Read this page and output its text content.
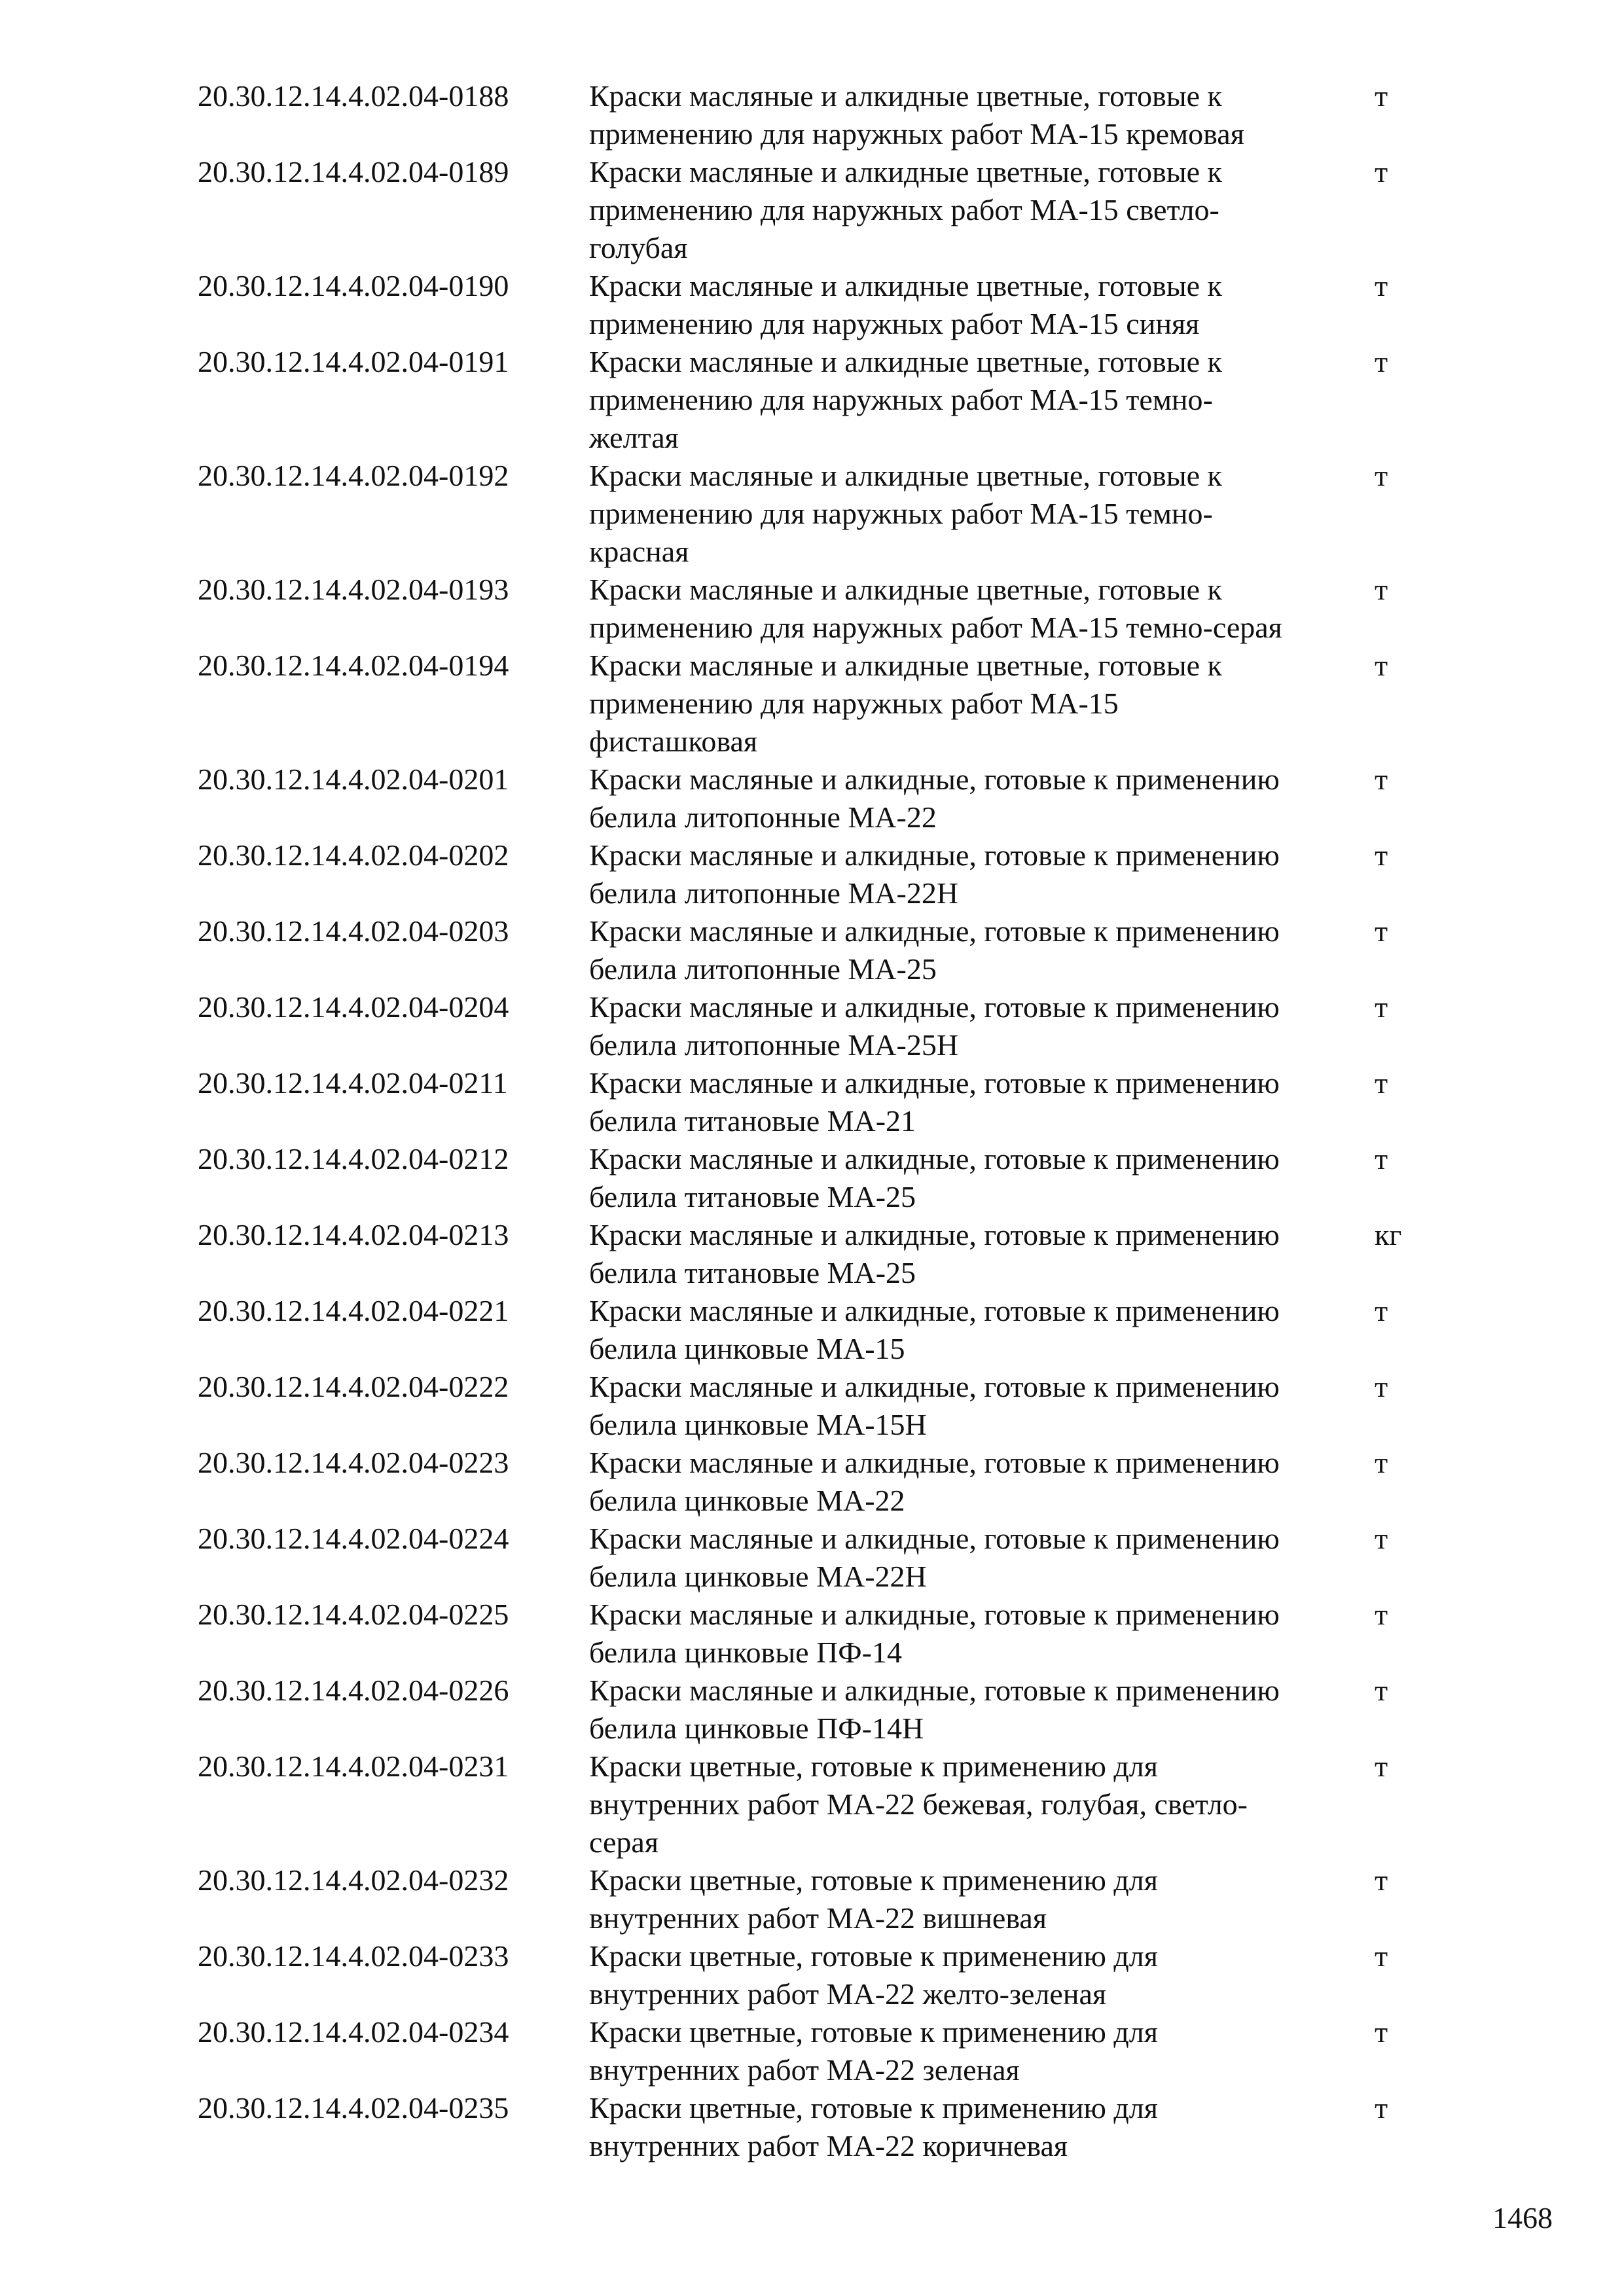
20.30.12.14.4.02.04-0188	Краски масляные и алкидные цветные, готовые к
применению для наружных работ МА-15 кремовая
т
20.30.12.14.4.02.04-0189	Краски масляные и алкидные цветные, готовые к
применению для наружных работ МА-15 светло-
голубая
т
20.30.12.14.4.02.04-0190	Краски масляные и алкидные цветные, готовые к
применению для наружных работ МА-15 синяя
т
20.30.12.14.4.02.04-0191	Краски масляные и алкидные цветные, готовые к
применению для наружных работ МА-15 темно-
желтая
т
20.30.12.14.4.02.04-0192	Краски масляные и алкидные цветные, готовые к
применению для наружных работ МА-15 темно-
красная
т
20.30.12.14.4.02.04-0193	Краски масляные и алкидные цветные, готовые к
применению для наружных работ МА-15 темно-серая
т
20.30.12.14.4.02.04-0194	Краски масляные и алкидные цветные, готовые к
применению для наружных работ МА-15
фисташковая
т
20.30.12.14.4.02.04-0201	Краски масляные и алкидные, готовые к применению
белила литопонные МА-22
т
20.30.12.14.4.02.04-0202	Краски масляные и алкидные, готовые к применению
белила литопонные МА-22Н
т
20.30.12.14.4.02.04-0203	Краски масляные и алкидные, готовые к применению
белила литопонные МА-25
т
20.30.12.14.4.02.04-0204	Краски масляные и алкидные, готовые к применению
белила литопонные МА-25Н
т
20.30.12.14.4.02.04-0211	Краски масляные и алкидные, готовые к применению
белила титановые МА-21
т
20.30.12.14.4.02.04-0212	Краски масляные и алкидные, готовые к применению
белила титановые МА-25
т
20.30.12.14.4.02.04-0213	Краски масляные и алкидные, готовые к применению
белила титановые МА-25
кг
20.30.12.14.4.02.04-0221	Краски масляные и алкидные, готовые к применению
белила цинковые МА-15
т
20.30.12.14.4.02.04-0222	Краски масляные и алкидные, готовые к применению
белила цинковые МА-15Н
т
20.30.12.14.4.02.04-0223	Краски масляные и алкидные, готовые к применению
белила цинковые МА-22
т
20.30.12.14.4.02.04-0224	Краски масляные и алкидные, готовые к применению
белила цинковые МА-22Н
т
20.30.12.14.4.02.04-0225	Краски масляные и алкидные, готовые к применению
белила цинковые ПФ-14
т
20.30.12.14.4.02.04-0226	Краски масляные и алкидные, готовые к применению
белила цинковые ПФ-14Н
т
20.30.12.14.4.02.04-0231	Краски цветные, готовые к применению для
внутренних работ МА-22 бежевая, голубая, светло-
серая
т
20.30.12.14.4.02.04-0232	Краски цветные, готовые к применению для
внутренних работ МА-22 вишневая
т
20.30.12.14.4.02.04-0233	Краски цветные, готовые к применению для
внутренних работ МА-22 желто-зеленая
т
20.30.12.14.4.02.04-0234	Краски цветные, готовые к применению для
внутренних работ МА-22 зеленая
т
20.30.12.14.4.02.04-0235	Краски цветные, готовые к применению для
внутренних работ МА-22 коричневая
т
1468
